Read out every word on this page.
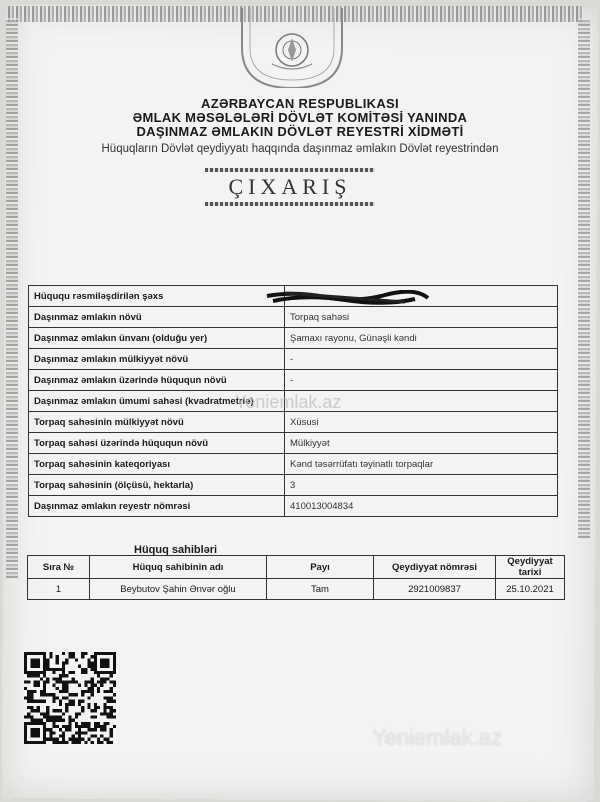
AZƏRBAYCAN RESPUBLIKASI
ƏMLAK MƏSƏLƏLƏRİ DÖVLƏT KOMİTƏSİ YANINDA
DAŞINMAZ ƏMLAKIN DÖVLƏT REYESTRİ XİDMƏTİ
Hüquqların Dövlət qeydiyyatı haqqında daşınmaz əmlakın Dövlət reyestrindən
ÇIXARIŞ
Hüququ rəsmiləşdirilən şəxs	
Daşınmaz əmlakın növü	Torpaq sahəsi
Daşınmaz əmlakın ünvanı (olduğu yer)	Şamaxı rayonu, Günəşli kəndi
Daşınmaz əmlakın mülkiyyət növü	-
Daşınmaz əmlakın üzərində hüququn növü	-
Daşınmaz əmlakın ümumi sahəsi (kvadratmetrlə)	
Torpaq sahəsinin mülkiyyət növü	Xüsusi
Torpaq sahəsi üzərində hüququn növü	Mülkiyyət
Torpaq sahəsinin kateqoriyası	Kənd təsərrüfatı təyinatlı torpaqlar
Torpaq sahəsinin (ölçüsü, hektarla)	3
Daşınmaz əmlakın reyestr nömrəsi	410013004834
Yeniemlak.az
Hüquq sahibləri
Sıra №	Hüquq sahibinin adı	Payı	Qeydiyyat nömrəsi	Qeydiyyat tarixi
1	Beybutov Şahin Ənvər oğlu	Tam	2921009837	25.10.2021
Yeniemlak.az
